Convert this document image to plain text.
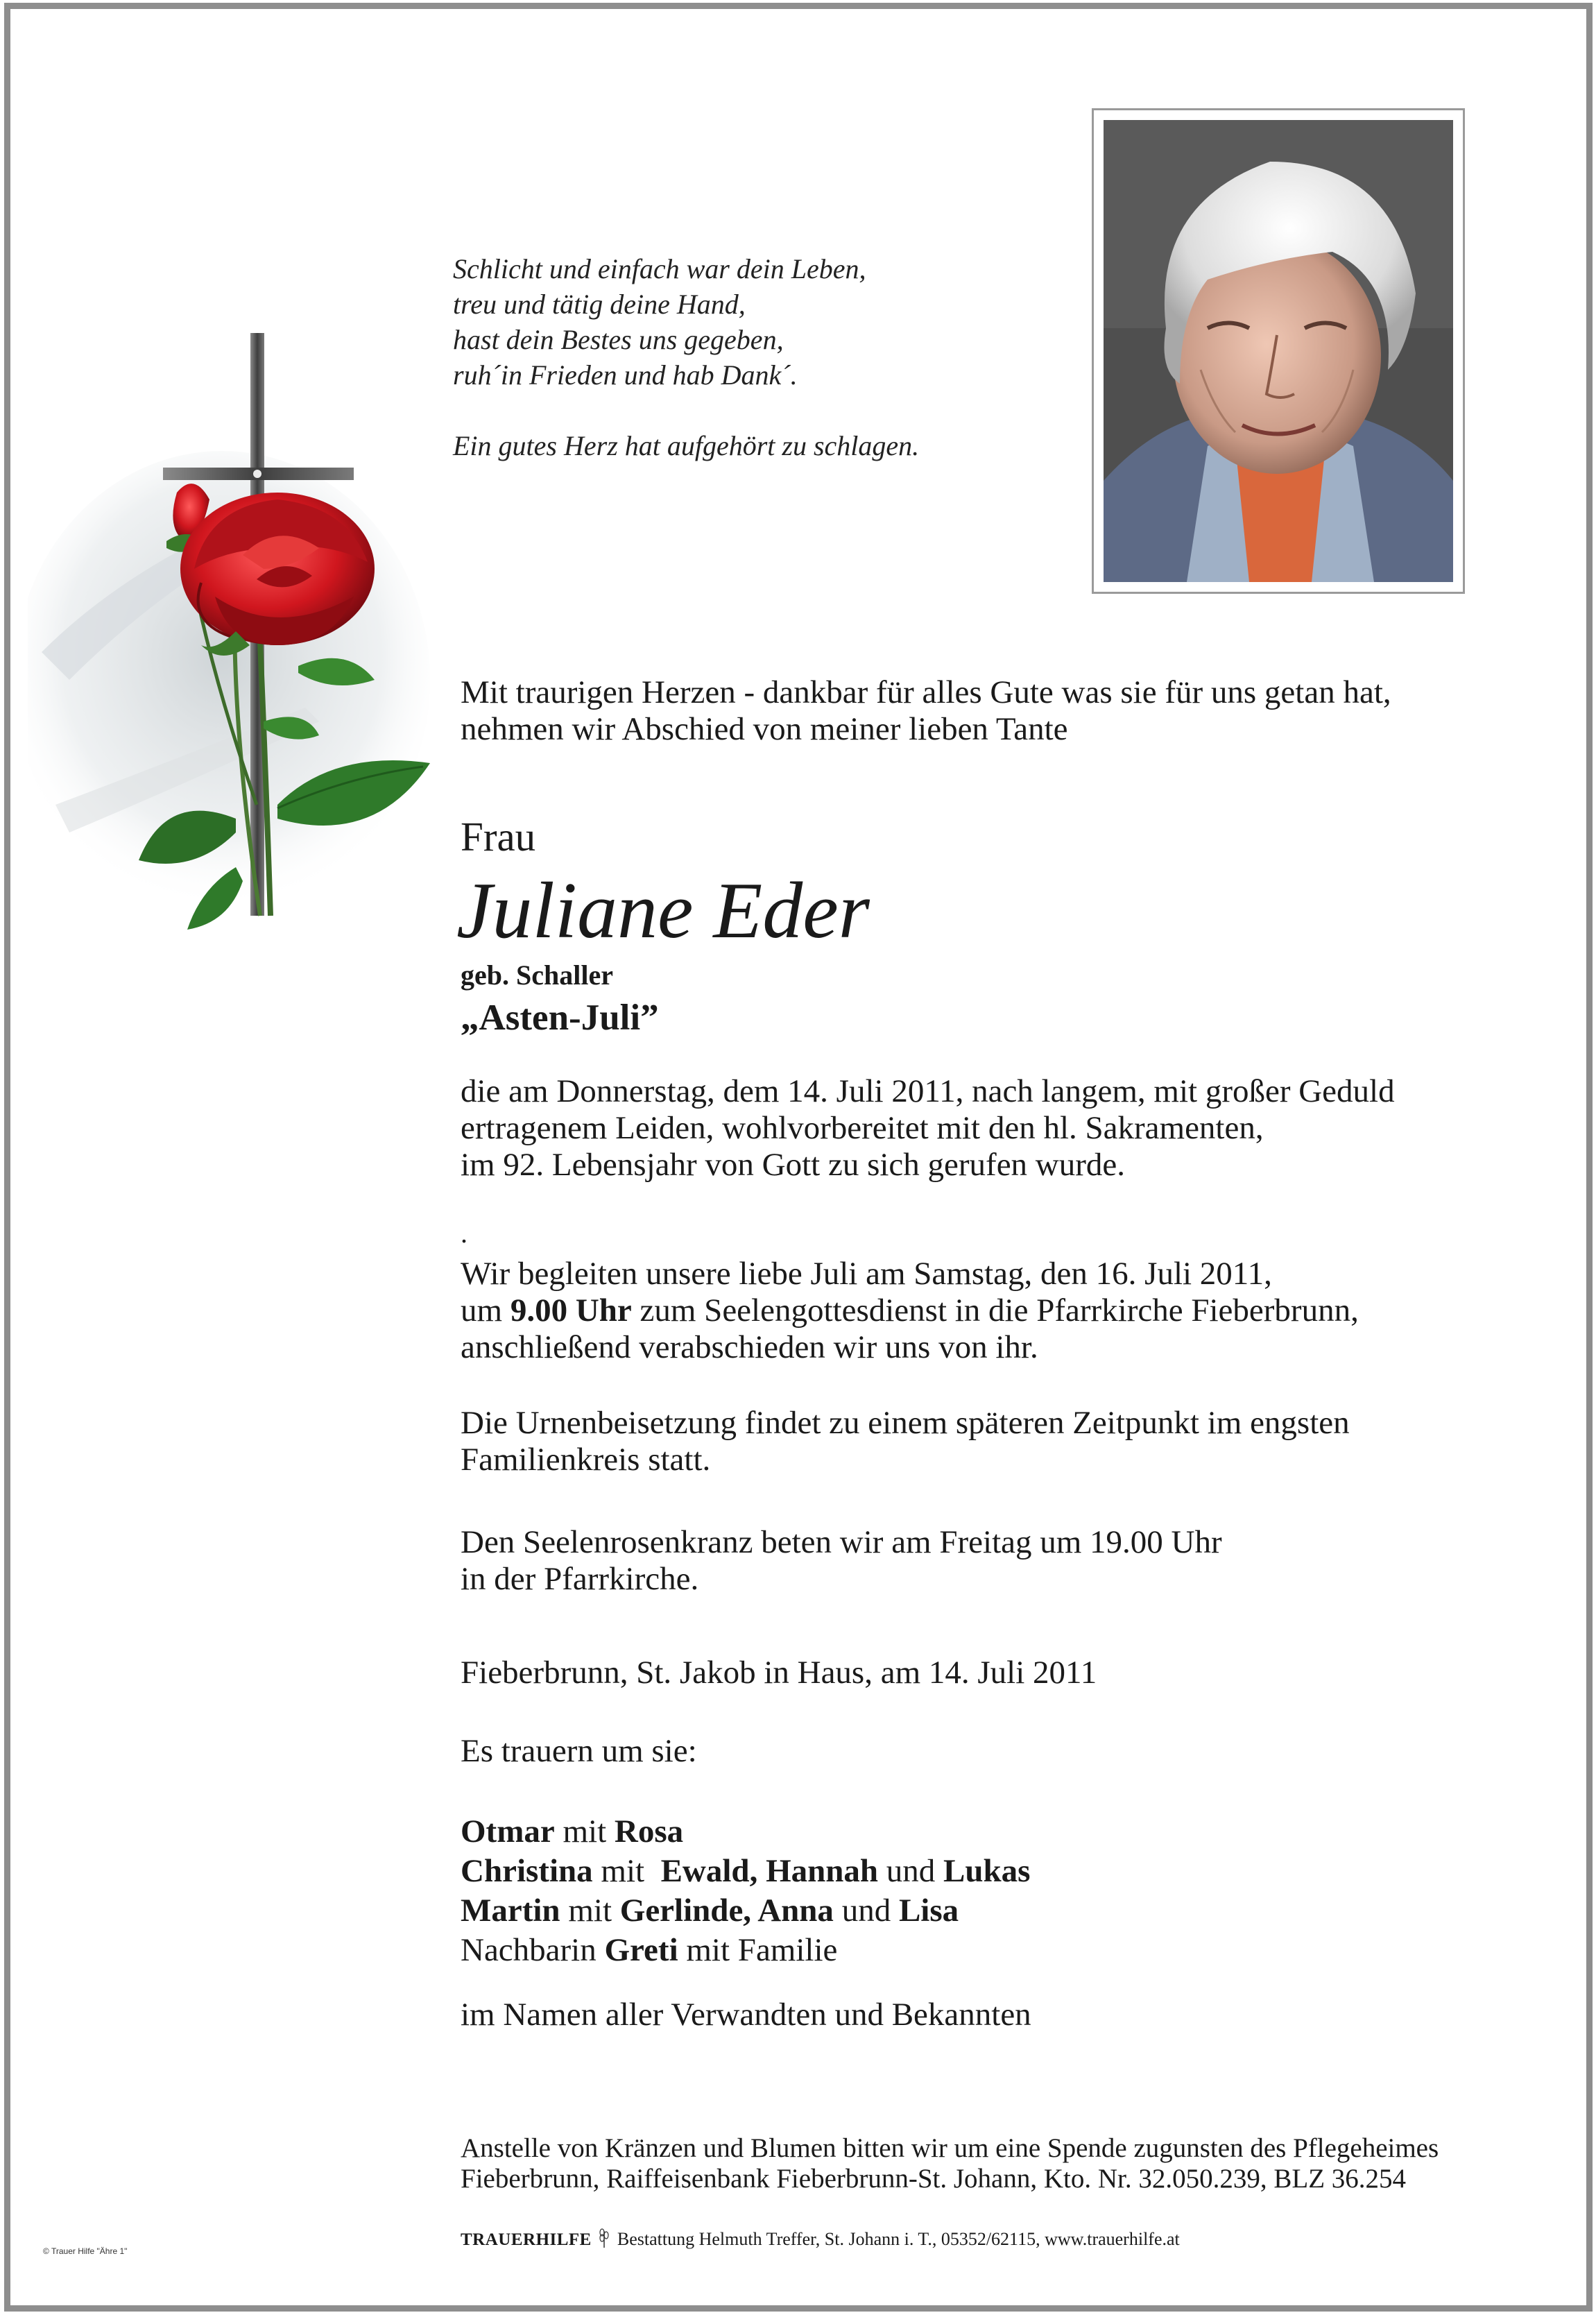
Schlicht und einfach war dein Leben,
treu und tätig deine Hand,
hast dein Bestes uns gegeben,
ruh´in Frieden und hab Dank´.
Ein gutes Herz hat aufgehört zu schlagen.
Mit traurigen Herzen - dankbar für alles Gute was sie für uns getan hat,
nehmen wir Abschied von meiner lieben Tante
Frau
Juliane Eder
geb. Schaller
„Asten-Juli”
die am Donnerstag, dem 14. Juli 2011, nach langem, mit großer Geduld
ertragenem Leiden, wohlvorbereitet mit den hl. Sakramenten,
im 92. Lebensjahr von Gott zu sich gerufen wurde.
.
Wir begleiten unsere liebe Juli am Samstag, den 16. Juli 2011,
um 9.00 Uhr zum Seelengottesdienst in die Pfarrkirche Fieberbrunn,
anschließend verabschieden wir uns von ihr.
Die Urnenbeisetzung findet zu einem späteren Zeitpunkt im engsten
Familienkreis statt.
Den Seelenrosenkranz beten wir am Freitag um 19.00 Uhr
in der Pfarrkirche.
Fieberbrunn, St. Jakob in Haus, am 14. Juli 2011
Es trauern um sie:
Otmar mit Rosa
Christina mit  Ewald, Hannah und Lukas
Martin mit Gerlinde, Anna und Lisa
Nachbarin Greti mit Familie
im Namen aller Verwandten und Bekannten
Anstelle von Kränzen und Blumen bitten wir um eine Spende zugunsten des Pflegeheimes
Fieberbrunn, Raiffeisenbank Fieberbrunn-St. Johann, Kto. Nr. 32.050.239, BLZ 36.254
TRAUERHILFE Bestattung Helmuth Treffer, St. Johann i. T., 05352/62115, www.trauerhilfe.at
© Trauer Hilfe "Ähre 1"
